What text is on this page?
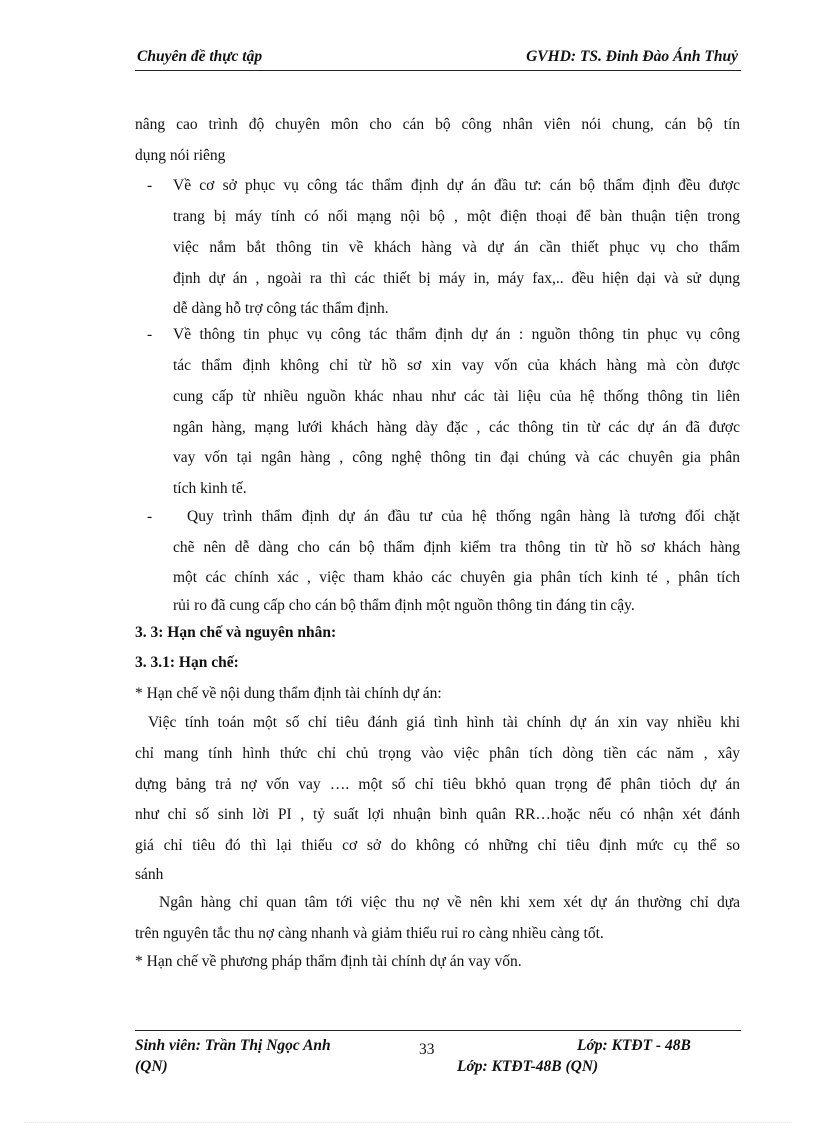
Chuyên đề thực tập	GVHD: TS. Đinh Đào Ánh Thuỷ
nâng cao trình độ chuyên môn cho cán bộ công nhân viên nói chung, cán bộ tín
dụng nói riêng
- Về cơ sở phục vụ công tác thẩm định dự án đầu tư: cán bộ thẩm định đều được
trang bị máy tính có nối mạng nội bộ , một điện thoại để bàn thuận tiện trong
việc nắm bắt thông tin về khách hàng và dự án cần thiết phục vụ cho thẩm
định dự án , ngoài ra thì các thiết bị máy in, máy fax,.. đều hiện dại và sử dụng
dễ dàng hỗ trợ công tác thẩm định.
- Về thông tin phục vụ công tác thẩm định dự án : nguồn thông tin phục vụ công
tác thẩm định không chỉ từ hồ sơ xin vay vốn của khách hàng mà còn được
cung cấp từ nhiều nguồn khác nhau như các tài liệu của hệ thống thông tin liên
ngân hàng, mạng lưới khách hàng dày đặc , các thông tin từ các dự án đã được
vay vốn tại ngân hàng , công nghệ thông tin đại chúng và các chuyên gia phân
tích kinh tế.
- Quy trình thẩm định dự án đầu tư của hệ thống ngân hàng là tương đối chặt
chẽ nên dễ dàng cho cán bộ thẩm định kiểm tra thông tin từ hồ sơ khách hàng
một các chính xác , việc tham khảo các chuyên gia phân tích kinh té , phân tích
rủi ro đã cung cấp cho cán bộ thẩm định một nguồn thông tin đáng tin cậy.
3. 3: Hạn chế và nguyên nhân:
3. 3.1: Hạn chế:
* Hạn chế về nội dung thẩm định tài chính dự án:
Việc tính toán một số chỉ tiêu đánh giá tình hình tài chính dự án xin vay nhiều khi
chỉ mang tính hình thức chỉ chủ trọng vào việc phân tích dòng tiền các năm , xây
dựng bảng trả nợ vốn vay …. một số chỉ tiêu bkhỏ quan trọng để phân tiỏch dự án
như chỉ số sinh lời PI , tỷ suất lợi nhuận bình quân RR…hoặc nếu có nhận xét đánh
giá chỉ tiêu đó thì lại thiếu cơ sở do không có những chỉ tiêu định mức cụ thể so
sánh
Ngân hàng chỉ quan tâm tới việc thu nợ về nên khi xem xét dự án thường chỉ dựa
trên nguyên tắc thu nợ càng nhanh và giảm thiểu ruỉ ro càng nhiều càng tốt.
* Hạn chế về phương pháp thẩm định tài chính dự án vay vốn.
Sinh viên: Trần Thị Ngọc Anh
(QN)
33	Lớp: KTĐT - 48B
Lớp: KTĐT-48B (QN)
